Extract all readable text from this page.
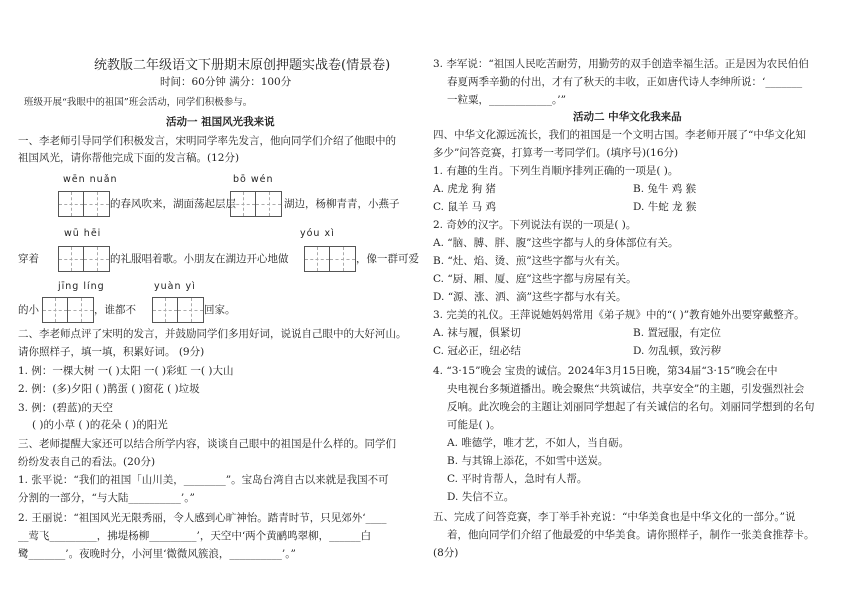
统教版二年级语文下册期末原创押题实战卷(情景卷)
时间：60分钟 满分：100分
班级开展“我眼中的祖国”班会活动，同学们积极参与。
活动一 祖国风光我来说
一、李老师引导同学们积极发言，宋明同学率先发言，他向同学们介绍了他眼中的
祖国风光，请你帮他完成下面的发言稿。(12分)
wēn nuǎn	bō wén
的春风吹来，湖面荡起层层	湖边，杨柳青青，小燕子
wū hēi	yóu xì
穿着	的礼服唱着歌。小朋友在湖边开心地做	，像一群可爱
jīng líng	yuàn yì
的小	，谁都不	回家。
二、李老师点评了宋明的发言，并鼓励同学们多用好词，说说自己眼中的大好河山。
请你照样子，填一填，积累好词。 (9分)
1. 例：一棵大树 一( )太阳 一( )彩虹 一( )大山
2. 例：(多)夕阳 ( )鹊蛋 ( )窗花 ( )垃圾
3. 例：(碧蓝)的天空
( )的小草 ( )的花朵 ( )的阳光
三、老师提醒大家还可以结合所学内容，谈谈自己眼中的祖国是什么样的。同学们
纷纷发表自己的看法。(20分)
1. 张平说：“我们的祖国「山川美，________”。宝岛台湾自古以来就是我国不可
分割的一部分，“与大陆__________’。”
2. 王丽说：“祖国风光无限秀丽，令人感到心旷神怡。踏青时节，只见郊外‘____
__莺飞_________，拂堤杨柳_________’，天空中‘两个黄鹂鸣翠柳，______白
鹭_______’。夜晚时分，小河里‘微微风簇浪，__________’。”
3. 李军说：“祖国人民吃苦耐劳，用勤劳的双手创造幸福生活。正是因为农民伯伯
春夏两季辛勤的付出，才有了秋天的丰收，正如唐代诗人李绅所说：‘_______
一粒粟，____________。’”
活动二 中华文化我来品
四、中华文化源远流长，我们的祖国是一个文明古国。李老师开展了“中华文化知
多少”问答竞赛，打算考一考同学们。(填序号)(16分)
1. 有趣的生肖。下列生肖顺序排列正确的一项是( )。
A. 虎龙 狗 猪	B. 兔牛 鸡 猴
C. 鼠羊 马 鸡	D. 牛蛇 龙 猴
2. 奇妙的汉字。下列说法有误的一项是( )。
A. “脑、膊、胖、腹”这些字都与人的身体部位有关。
B. “灶、焰、烫、煎”这些字都与火有关。
C. “厨、厢、厦、庭”这些字都与房屋有关。
D. “源、涨、洒、滴”这些字都与水有关。
3. 完美的礼仪。王萍说她妈妈常用《弟子规》中的“( )”教育她外出要穿戴整齐。
A. 袜与履，俱紧切	B. 置冠服，有定位
C. 冠必正，纽必结	D. 勿乱顿，致污秽
4. “3·15”晚会 宝贵的诚信。2024年3月15日晚，第34届“3·15”晚会在中
央电视台多频道播出。晚会聚焦“共筑诚信，共享安全”的主题，引发强烈社会
反响。此次晚会的主题让刘丽同学想起了有关诚信的名句。刘丽同学想到的名句
可能是( )。
A. 唯德学，唯才艺，不如人，当自砺。
B. 与其锦上添花，不如雪中送炭。
C. 平时肯帮人，急时有人帮。
D. 失信不立。
五、完成了问答竞赛，李丁举手补充说：“中华美食也是中华文化的一部分。”说
着，他向同学们介绍了他最爱的中华美食。请你照样子，制作一张美食推荐卡。
(8分)
